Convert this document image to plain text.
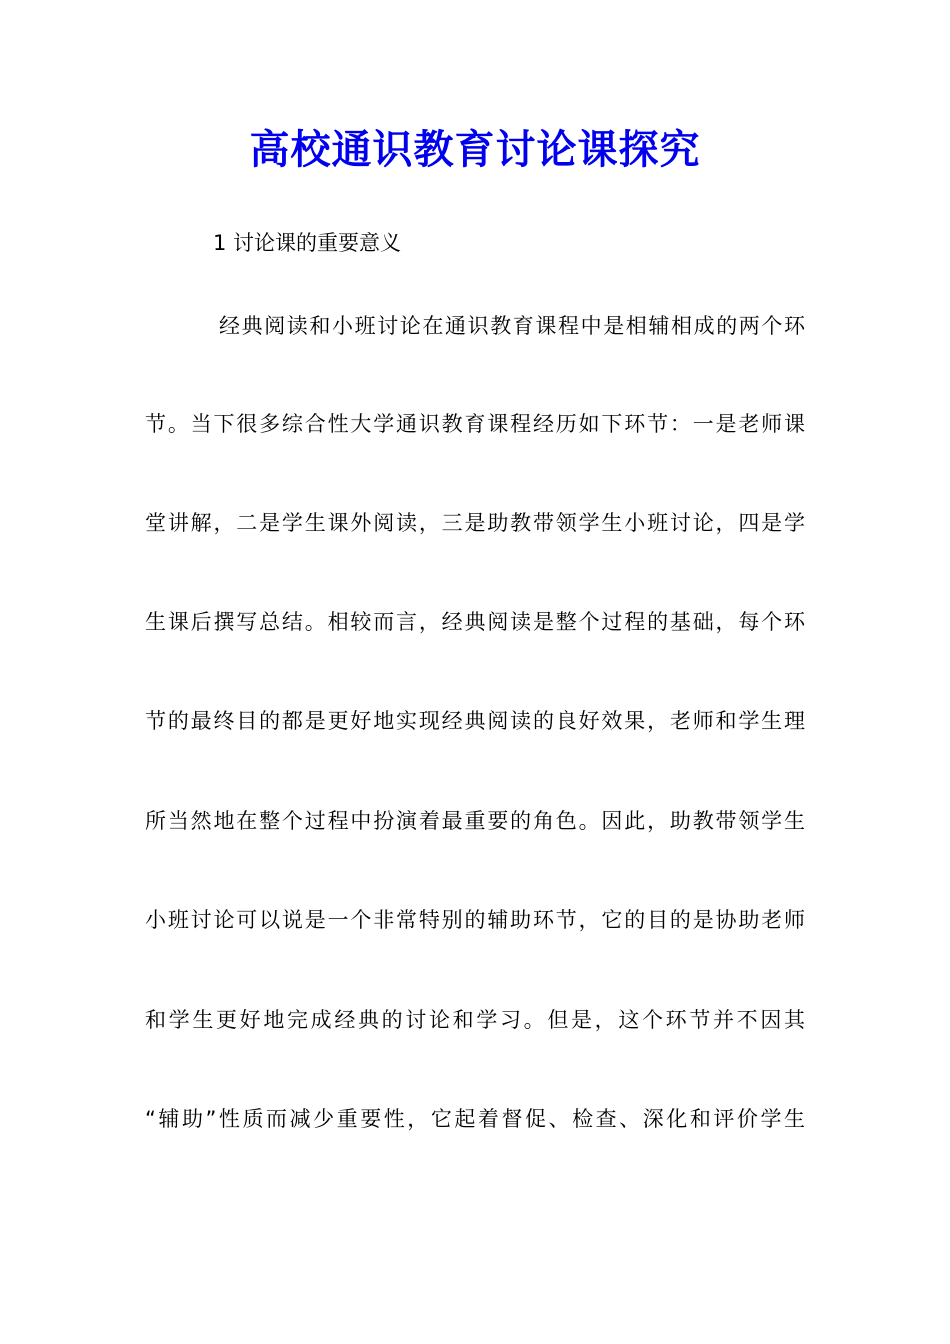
高校通识教育讨论课探究
1 讨论课的重要意义
经典阅读和小班讨论在通识教育课程中是相辅相成的两个环
节。当下很多综合性大学通识教育课程经历如下环节：一是老师课
堂讲解，二是学生课外阅读，三是助教带领学生小班讨论，四是学
生课后撰写总结。相较而言，经典阅读是整个过程的基础，每个环
节的最终目的都是更好地实现经典阅读的良好效果，老师和学生理
所当然地在整个过程中扮演着最重要的角色。因此，助教带领学生
小班讨论可以说是一个非常特别的辅助环节，它的目的是协助老师
和学生更好地完成经典的讨论和学习。但是，这个环节并不因其
“辅助”性质而减少重要性，它起着督促、检查、深化和评价学生
